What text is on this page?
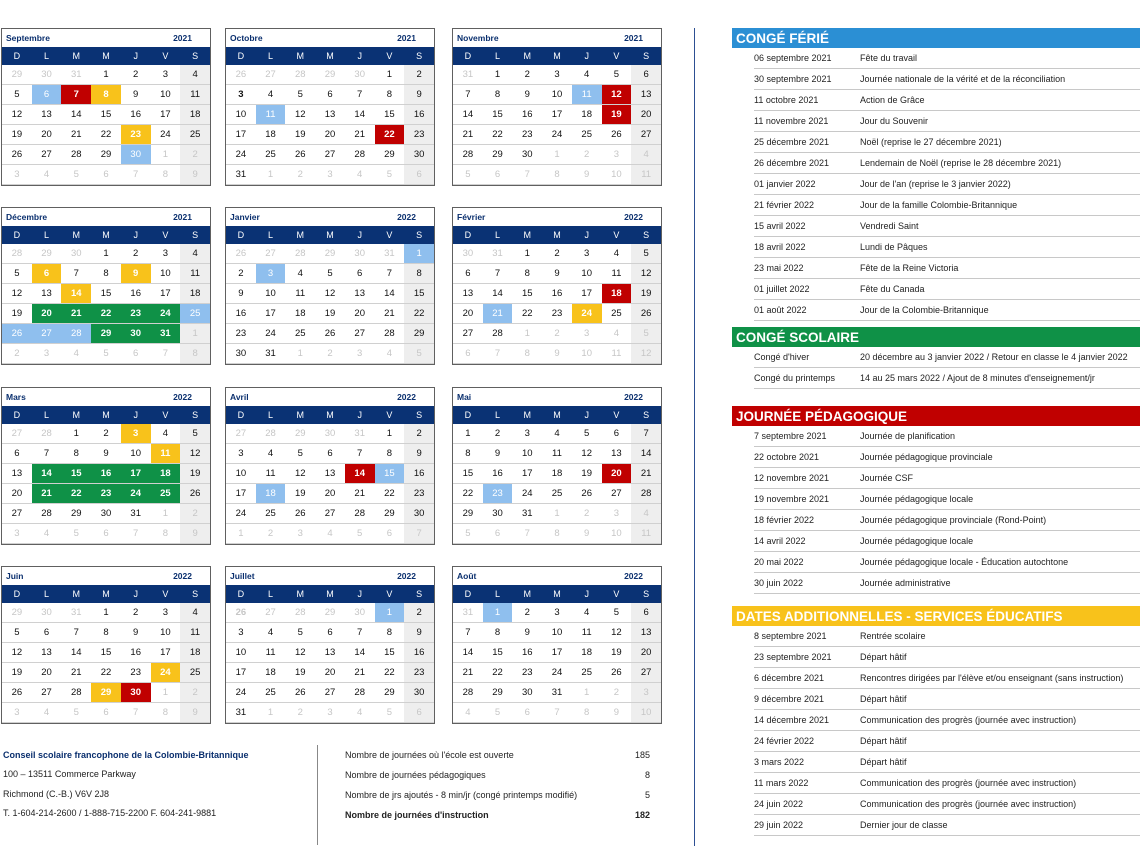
Septembre	2021
D	L	M	M	J	V	S
29	30	31	1	2	3	4
5	6	7	8	9	10	11
12	13	14	15	16	17	18
19	20	21	22	23	24	25
26	27	28	29	30	1	2
3	4	5	6	7	8	9
Octobre	2021
D	L	M	M	J	V	S
26	27	28	29	30	1	2
3	4	5	6	7	8	9
10	11	12	13	14	15	16
17	18	19	20	21	22	23
24	25	26	27	28	29	30
31	1	2	3	4	5	6
Novembre	2021
D	L	M	M	J	V	S
31	1	2	3	4	5	6
7	8	9	10	11	12	13
14	15	16	17	18	19	20
21	22	23	24	25	26	27
28	29	30	1	2	3	4
5	6	7	8	9	10	11
Décembre	2021
D	L	M	M	J	V	S
28	29	30	1	2	3	4
5	6	7	8	9	10	11
12	13	14	15	16	17	18
19	20	21	22	23	24	25
26	27	28	29	30	31	1
2	3	4	5	6	7	8
Janvier	2022
D	L	M	M	J	V	S
26	27	28	29	30	31	1
2	3	4	5	6	7	8
9	10	11	12	13	14	15
16	17	18	19	20	21	22
23	24	25	26	27	28	29
30	31	1	2	3	4	5
Février	2022
D	L	M	M	J	V	S
30	31	1	2	3	4	5
6	7	8	9	10	11	12
13	14	15	16	17	18	19
20	21	22	23	24	25	26
27	28	1	2	3	4	5
6	7	8	9	10	11	12
Mars	2022
D	L	M	M	J	V	S
27	28	1	2	3	4	5
6	7	8	9	10	11	12
13	14	15	16	17	18	19
20	21	22	23	24	25	26
27	28	29	30	31	1	2
3	4	5	6	7	8	9
Avril	2022
D	L	M	M	J	V	S
27	28	29	30	31	1	2
3	4	5	6	7	8	9
10	11	12	13	14	15	16
17	18	19	20	21	22	23
24	25	26	27	28	29	30
1	2	3	4	5	6	7
Mai	2022
D	L	M	M	J	V	S
1	2	3	4	5	6	7
8	9	10	11	12	13	14
15	16	17	18	19	20	21
22	23	24	25	26	27	28
29	30	31	1	2	3	4
5	6	7	8	9	10	11
Juin	2022
D	L	M	M	J	V	S
29	30	31	1	2	3	4
5	6	7	8	9	10	11
12	13	14	15	16	17	18
19	20	21	22	23	24	25
26	27	28	29	30	1	2
3	4	5	6	7	8	9
Juillet	2022
D	L	M	M	J	V	S
26	27	28	29	30	1	2
3	4	5	6	7	8	9
10	11	12	13	14	15	16
17	18	19	20	21	22	23
24	25	26	27	28	29	30
31	1	2	3	4	5	6
Août	2022
D	L	M	M	J	V	S
31	1	2	3	4	5	6
7	8	9	10	11	12	13
14	15	16	17	18	19	20
21	22	23	24	25	26	27
28	29	30	31	1	2	3
4	5	6	7	8	9	10
Conseil scolaire francophone de la Colombie-Britannique
100 – 13511 Commerce Parkway
Richmond (C.-B.) V6V 2J8
T. 1-604-214-2600 / 1-888-715-2200 F. 604-241-9881
Nombre de journées où l'école est ouverte	185
Nombre de journées pédagogiques	8
Nombre de jrs ajoutés - 8 min/jr (congé printemps modifié)	5
Nombre de journées d'instruction	182
CONGÉ FÉRIÉ
06 septembre 2021	Fête du travail
30 septembre 2021	Journée nationale de la vérité et de la réconciliation
11 octobre 2021	Action de Grâce
11 novembre 2021	Jour du Souvenir
25 décembre 2021	Noël (reprise le 27 décembre 2021)
26 décembre 2021	Lendemain de Noël (reprise le 28 décembre 2021)
01 janvier 2022	Jour de l'an (reprise le 3 janvier 2022)
21 février 2022	Jour de la famille Colombie-Britannique
15 avril 2022	Vendredi Saint
18 avril 2022	Lundi de Pâques
23 mai 2022	Fête de la Reine Victoria
01 juillet 2022	Fête du Canada
01 août 2022	Jour de la Colombie-Britannique
CONGÉ SCOLAIRE
Congé d'hiver	20 décembre au 3 janvier 2022 / Retour en classe le 4 janvier 2022
Congé du printemps	14 au 25 mars 2022 / Ajout de 8 minutes d'enseignement/jr
JOURNÉE PÉDAGOGIQUE
7 septembre 2021	Journée de planification
22 octobre 2021	Journée pédagogique provinciale
12 novembre 2021	Journée CSF
19 novembre 2021	Journée pédagogique locale
18 février 2022	Journée pédagogique provinciale (Rond-Point)
14 avril 2022	Journée pédagogique locale
20 mai 2022	Journée pédagogique locale - Éducation autochtone
30 juin 2022	Journée administrative
DATES ADDITIONNELLES - SERVICES ÉDUCATIFS
8 septembre 2021	Rentrée scolaire
23 septembre 2021	Départ hâtif
6 décembre 2021	Rencontres dirigées par l'élève et/ou enseignant (sans instruction)
9 décembre 2021	Départ hâtif
14 décembre 2021	Communication des progrès (journée avec instruction)
24 février 2022	Départ hâtif
3 mars 2022	Départ hâtif
11 mars 2022	Communication des progrès (journée avec instruction)
24 juin 2022	Communication des progrès (journée avec instruction)
29 juin 2022	Dernier jour de classe
